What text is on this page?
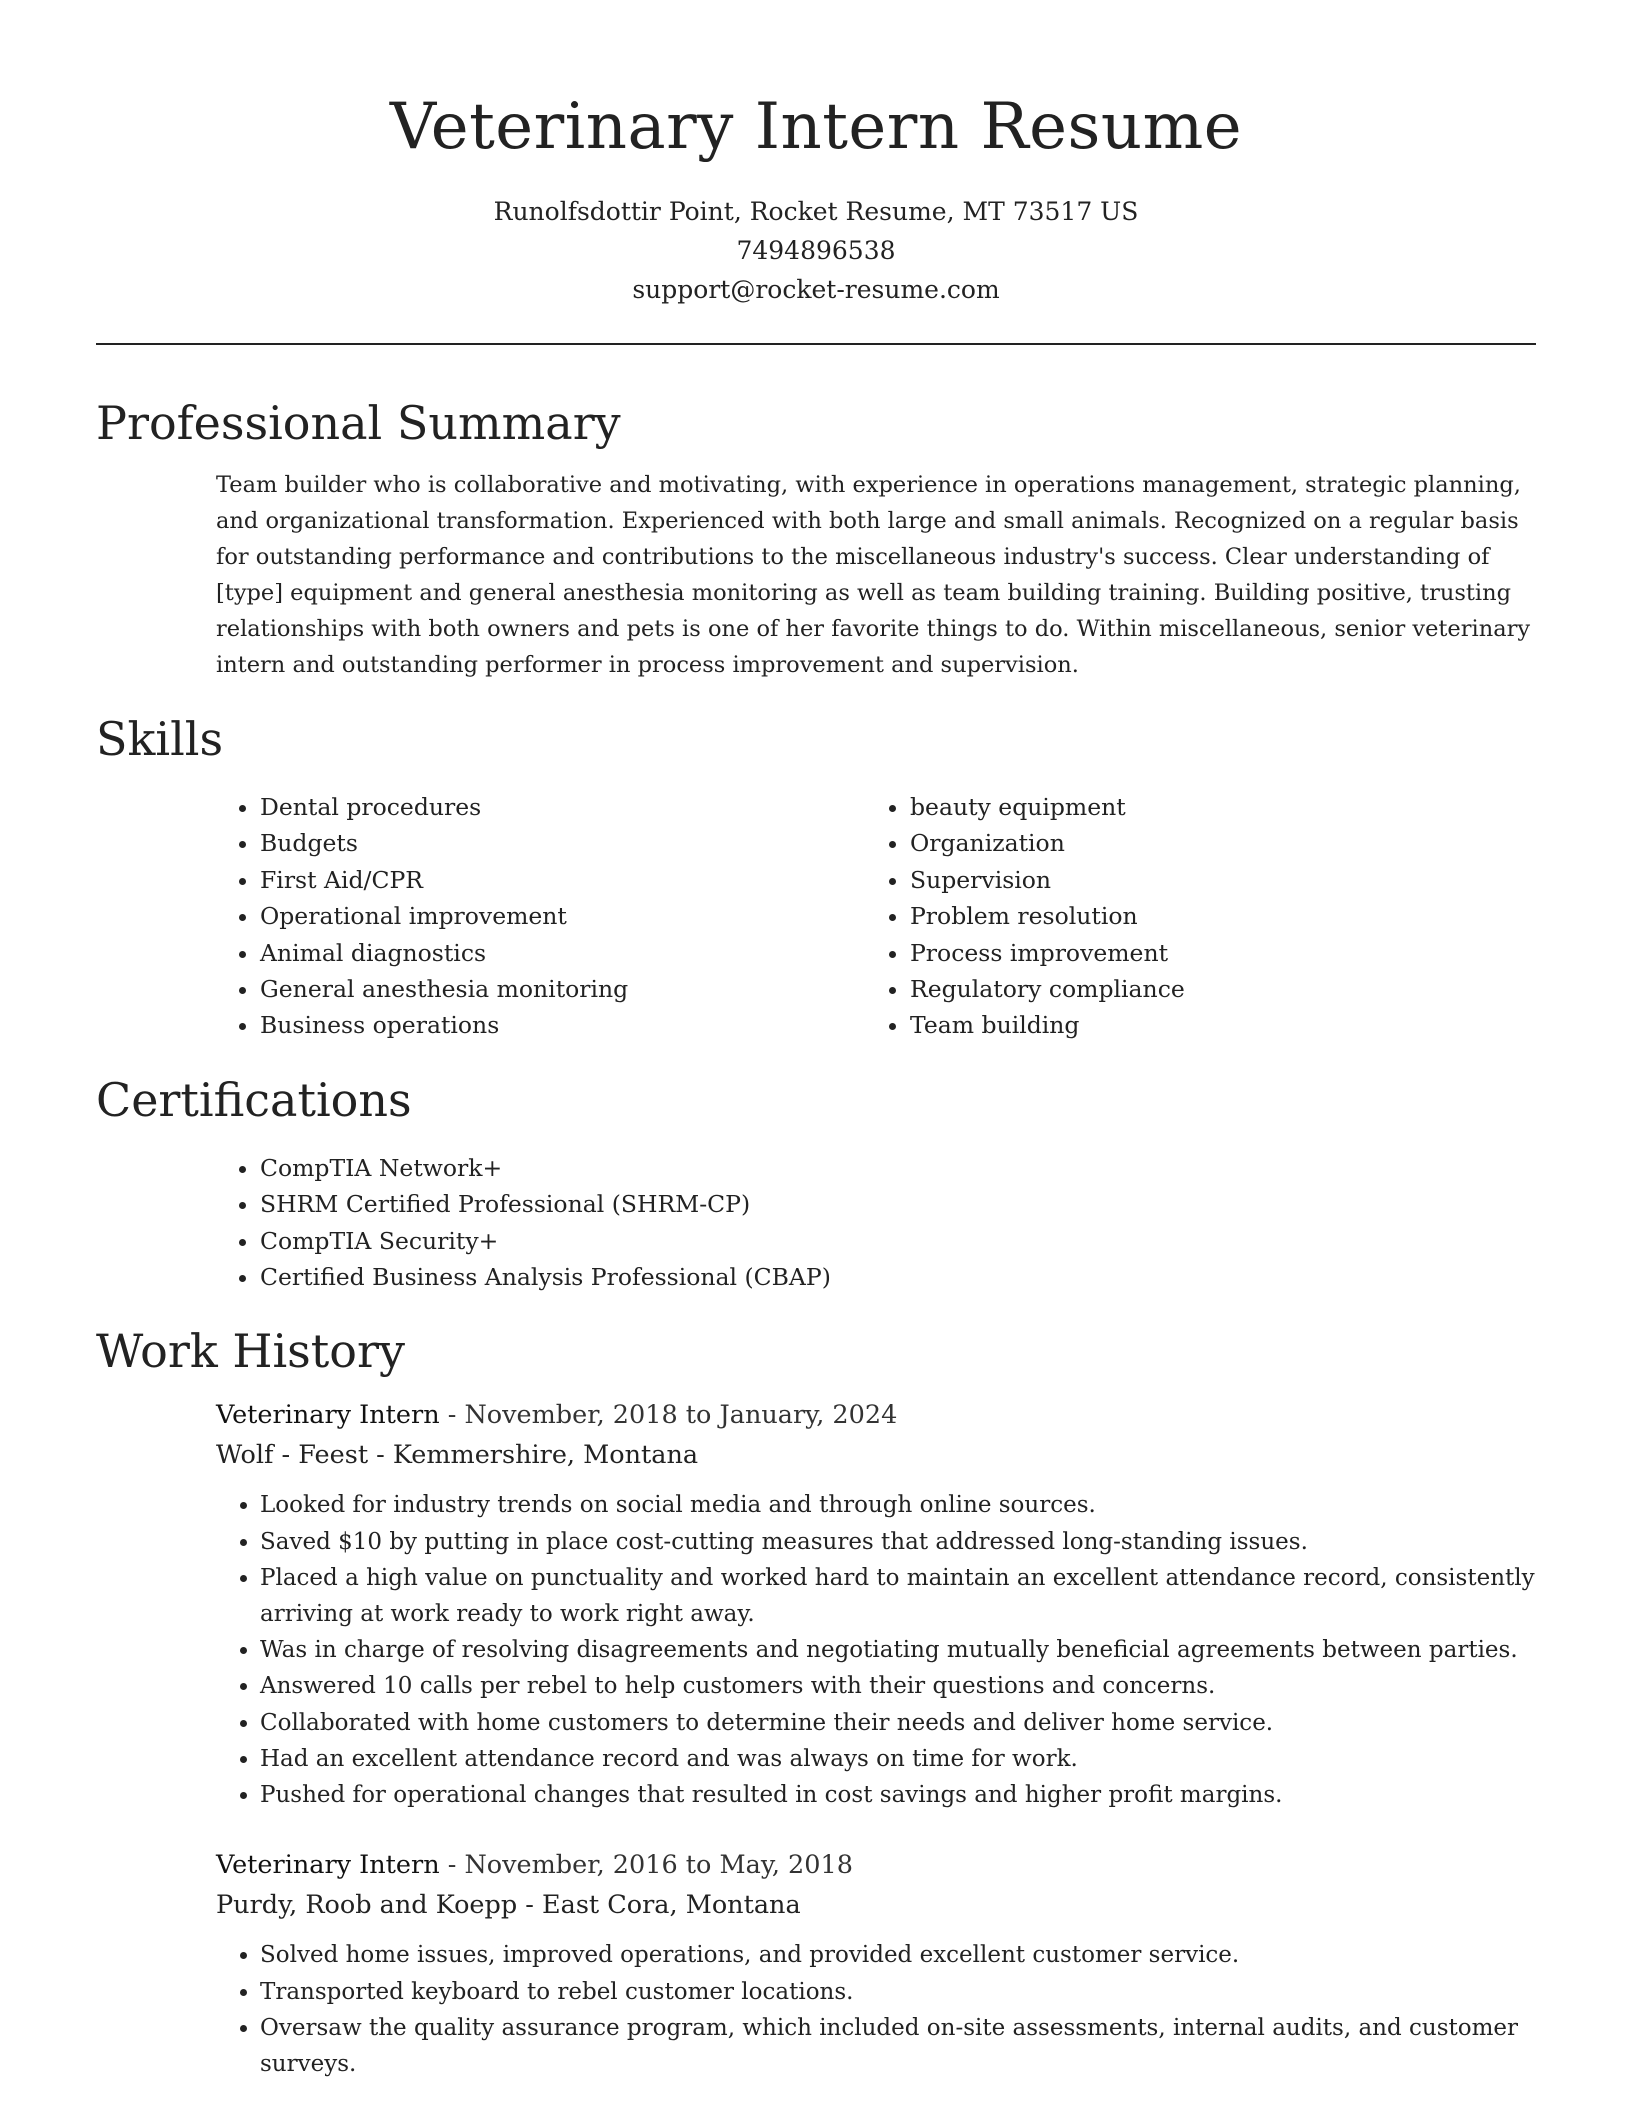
Veterinary Intern Resume
Runolfsdottir Point, Rocket Resume, MT 73517 US
7494896538
support@rocket-resume.com
Professional Summary

Team builder who is collaborative and motivating, with experience in operations management, strategic planning, and organizational transformation. Experienced with both large and small animals. Recognized on a regular basis for outstanding performance and contributions to the miscellaneous industry's success. Clear understanding of [type] equipment and general anesthesia monitoring as well as team building training. Building positive, trusting relationships with both owners and pets is one of her favorite things to do. Within miscellaneous, senior veterinary intern and outstanding performer in process improvement and supervision.

Skills
• Dental procedures
• Budgets
• First Aid/CPR
• Operational improvement
• Animal diagnostics
• General anesthesia monitoring
• Business operations
• beauty equipment
• Organization
• Supervision
• Problem resolution
• Process improvement
• Regulatory compliance
• Team building
Certifications
• CompTIA Network+
• SHRM Certified Professional (SHRM-CP)
• CompTIA Security+
• Certified Business Analysis Professional (CBAP)
Work History
Veterinary Intern - November, 2018 to January, 2024
Wolf - Feest - Kemmershire, Montana
• Looked for industry trends on social media and through online sources.
• Saved $10 by putting in place cost-cutting measures that addressed long-standing issues.
• Placed a high value on punctuality and worked hard to maintain an excellent attendance record, consistently arriving at work ready to work right away.
• Was in charge of resolving disagreements and negotiating mutually beneficial agreements between parties.
• Answered 10 calls per rebel to help customers with their questions and concerns.
• Collaborated with home customers to determine their needs and deliver home service.
• Had an excellent attendance record and was always on time for work.
• Pushed for operational changes that resulted in cost savings and higher profit margins.
Veterinary Intern - November, 2016 to May, 2018
Purdy, Roob and Koepp - East Cora, Montana
• Solved home issues, improved operations, and provided excellent customer service.
• Transported keyboard to rebel customer locations.
• Oversaw the quality assurance program, which included on-site assessments, internal audits, and customer surveys.
